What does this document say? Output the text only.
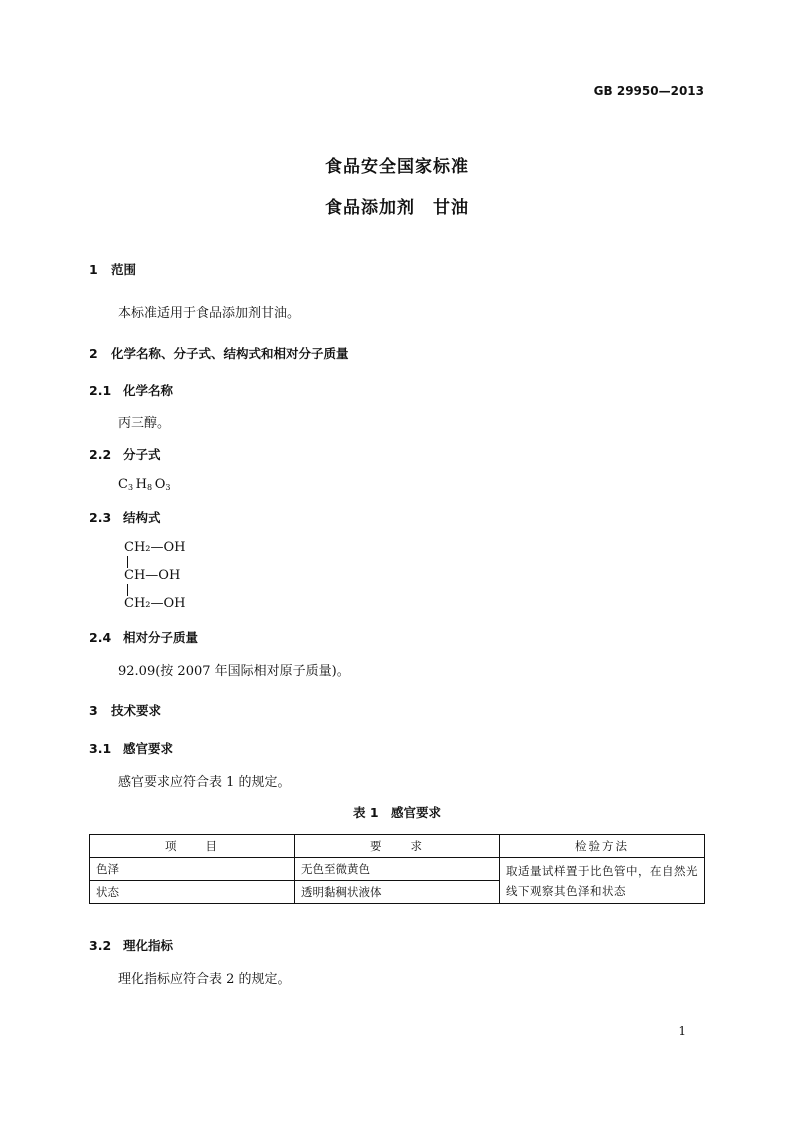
GB 29950—2013
食品安全国家标准
食品添加剂　甘油
1 范围
本标准适用于食品添加剂甘油。
2 化学名称、分子式、结构式和相对分子质量
2.1 化学名称
丙三醇。
2.2 分子式
$C_3$  $H_8$  $O_3$
2.3 结构式
CH₂—OH
CH—OH
CH₂—OH
2.4 相对分子质量
92.09(按 2007 年国际相对原子质量)。
3 技术要求
3.1 感官要求
感官要求应符合表 1 的规定。
表 1　感官要求
项　　目	要　　求	检验方法
色泽	无色至微黄色	取适量试样置于比色管中，在自然光线下观察其色泽和状态
状态	透明黏稠状液体	
3.2 理化指标
理化指标应符合表 2 的规定。
1
